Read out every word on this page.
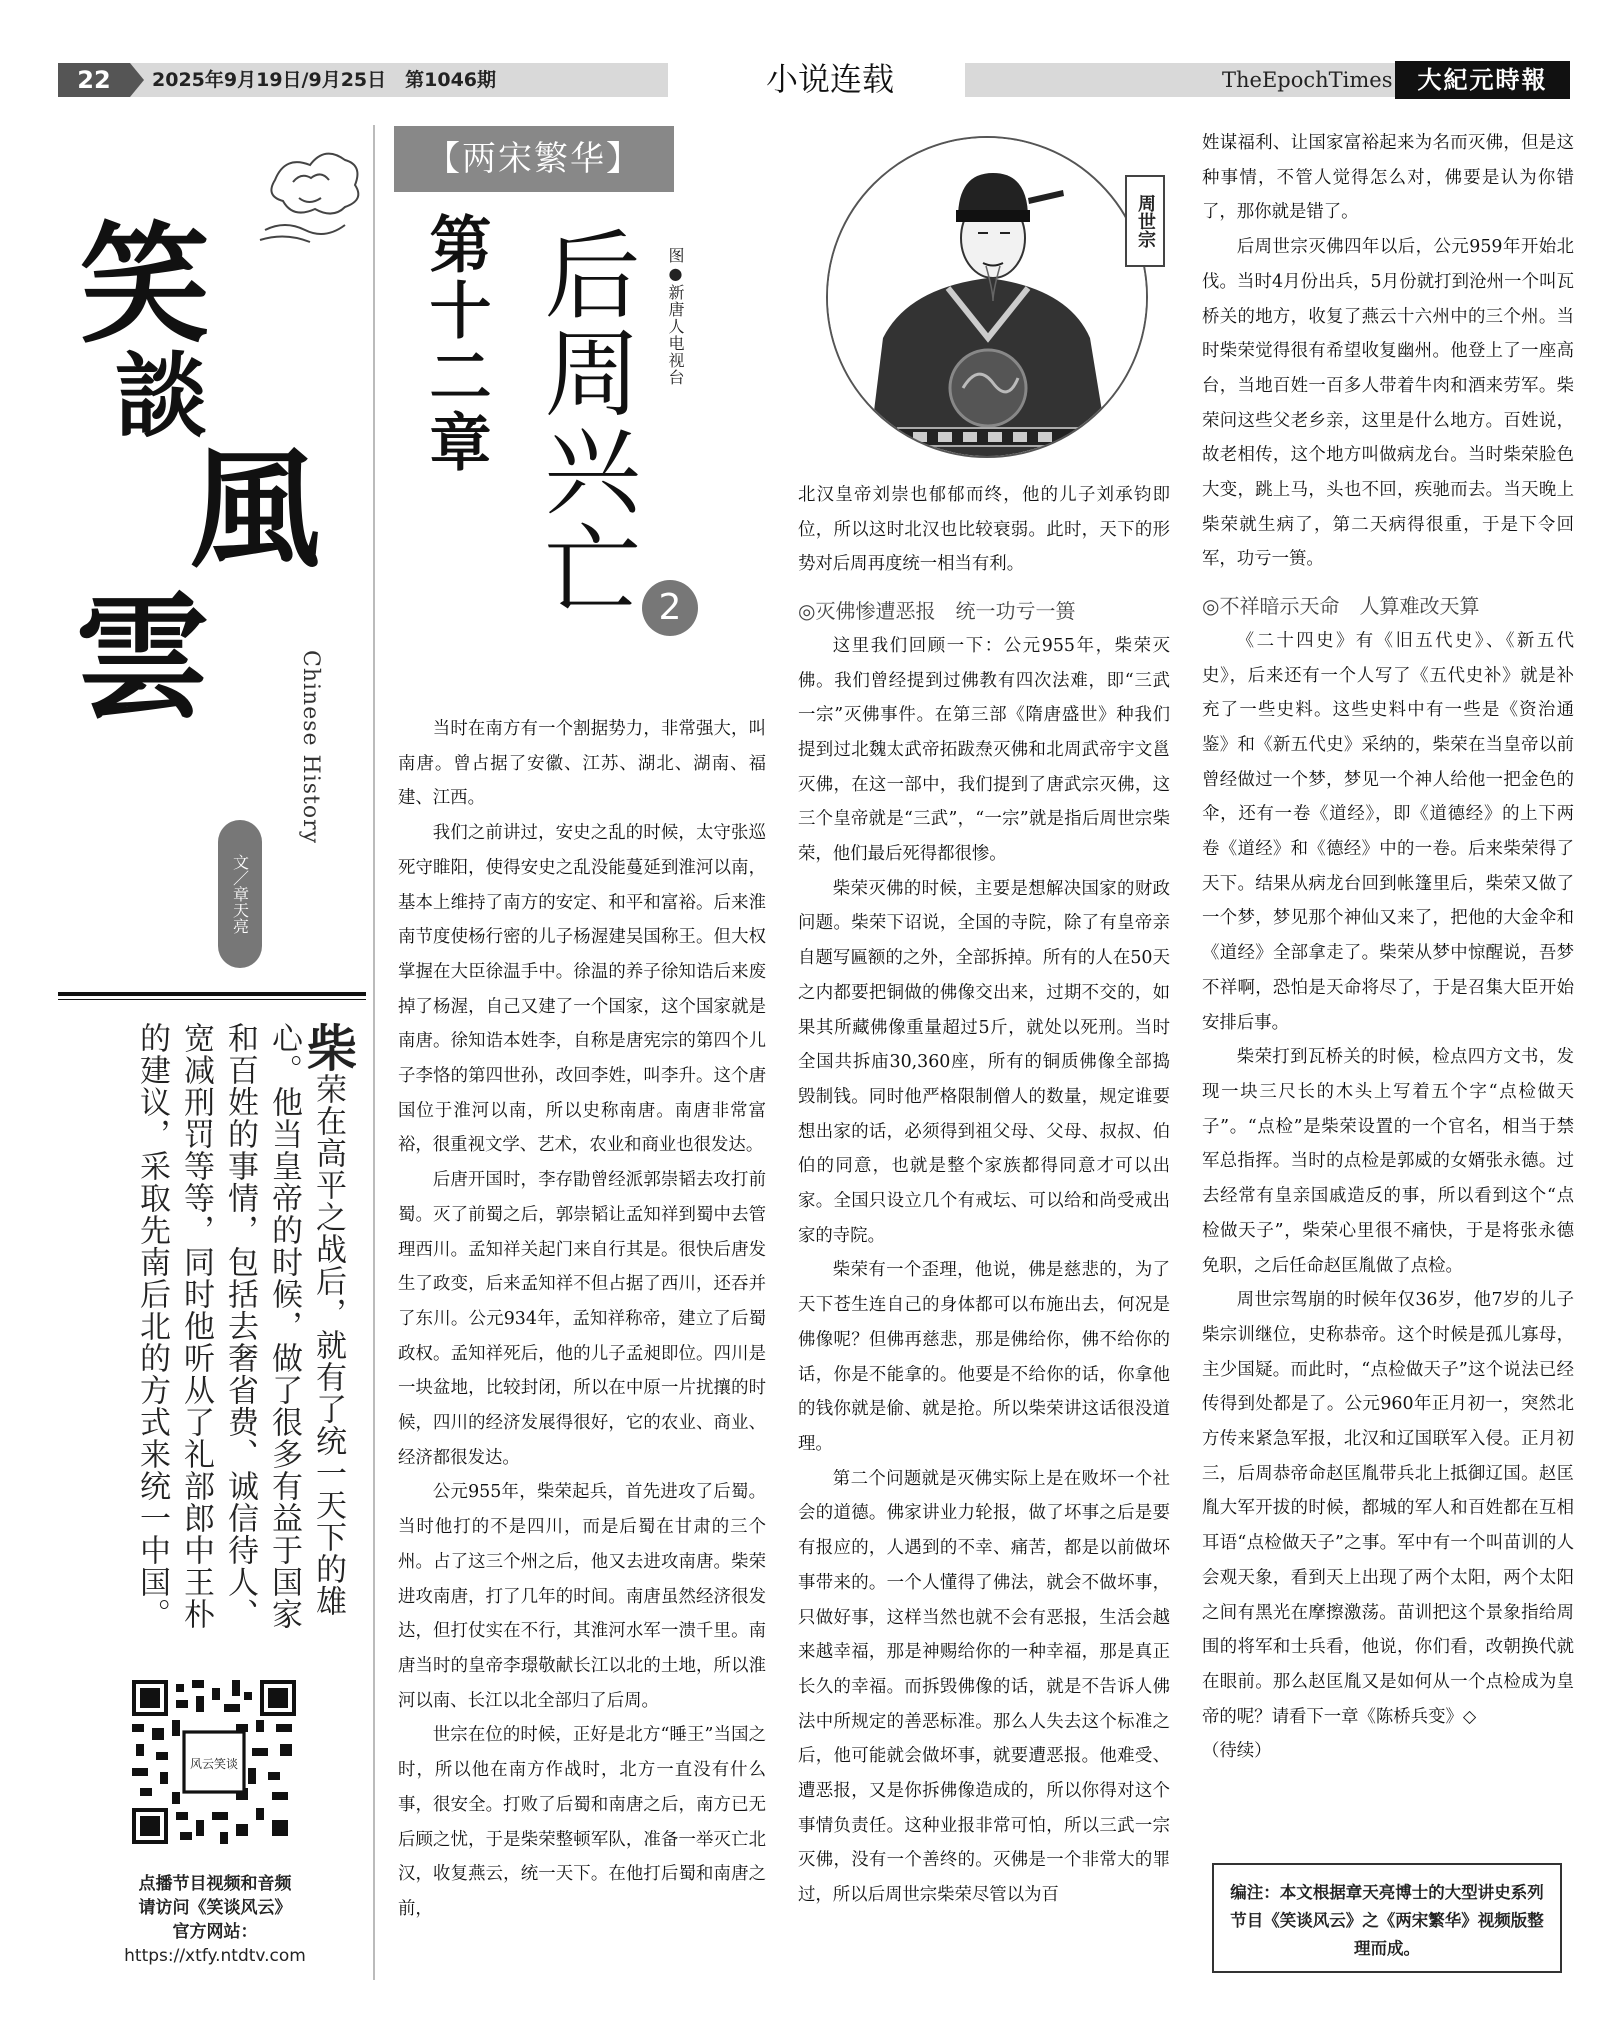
22	2025年9月19日/9月25日　第1046期	小说连载	TheEpochTimes	大紀元時報
笑
談
風
雲	Chinese History
文／章天亮
柴荣在高平之战后，就有了统一天下的雄心。他当皇帝的时候，做了很多有益于国家和百姓的事情，包括去奢省费、诚信待人、宽减刑罚等等，同时他听从了礼部郎中王朴的建议，采取先南后北的方式来统一中国。
风云笑谈
点播节目视频和音频
请访问《笑谈风云》
官方网站：
https://xtfy.ntdtv.com
【两宋繁华】
第十二章 后周兴亡 2
图●新唐人电视台
周世宗

当时在南方有一个割据势力，非常强大，叫南唐。曾占据了安徽、江苏、湖北、湖南、福建、江西。

我们之前讲过，安史之乱的时候，太守张巡死守睢阳，使得安史之乱没能蔓延到淮河以南，基本上维持了南方的安定、和平和富裕。后来淮南节度使杨行密的儿子杨渥建吴国称王。但大权掌握在大臣徐温手中。徐温的养子徐知诰后来废掉了杨渥，自己又建了一个国家，这个国家就是南唐。徐知诰本姓李，自称是唐宪宗的第四个儿子李恪的第四世孙，改回李姓，叫李升。这个唐国位于淮河以南，所以史称南唐。南唐非常富裕，很重视文学、艺术，农业和商业也很发达。

后唐开国时，李存勖曾经派郭崇韬去攻打前蜀。灭了前蜀之后，郭崇韬让孟知祥到蜀中去管理西川。孟知祥关起门来自行其是。很快后唐发生了政变，后来孟知祥不但占据了西川，还吞并了东川。公元934年，孟知祥称帝，建立了后蜀政权。孟知祥死后，他的儿子孟昶即位。四川是一块盆地，比较封闭，所以在中原一片扰攘的时候，四川的经济发展得很好，它的农业、商业、经济都很发达。

公元955年，柴荣起兵，首先进攻了后蜀。当时他打的不是四川，而是后蜀在甘肃的三个州。占了这三个州之后，他又去进攻南唐。柴荣进攻南唐，打了几年的时间。南唐虽然经济很发达，但打仗实在不行，其淮河水军一溃千里。南唐当时的皇帝李璟敬献长江以北的土地，所以淮河以南、长江以北全部归了后周。

世宗在位的时候，正好是北方“睡王”当国之时，所以他在南方作战时，北方一直没有什么事，很安全。打败了后蜀和南唐之后，南方已无后顾之忧，于是柴荣整顿军队，准备一举灭亡北汉，收复燕云，统一天下。在他打后蜀和南唐之前，

北汉皇帝刘崇也郁郁而终，他的儿子刘承钧即位，所以这时北汉也比较衰弱。此时，天下的形势对后周再度统一相当有利。

◎灭佛惨遭恶报　统一功亏一篑

这里我们回顾一下：公元955年，柴荣灭佛。我们曾经提到过佛教有四次法难，即“三武一宗”灭佛事件。在第三部《隋唐盛世》种我们提到过北魏太武帝拓跋焘灭佛和北周武帝宇文邕灭佛，在这一部中，我们提到了唐武宗灭佛，这三个皇帝就是“三武”，“一宗”就是指后周世宗柴荣，他们最后死得都很惨。

柴荣灭佛的时候，主要是想解决国家的财政问题。柴荣下诏说，全国的寺院，除了有皇帝亲自题写匾额的之外，全部拆掉。所有的人在50天之内都要把铜做的佛像交出来，过期不交的，如果其所藏佛像重量超过5斤，就处以死刑。当时全国共拆庙30,360座，所有的铜质佛像全部捣毁制钱。同时他严格限制僧人的数量，规定谁要想出家的话，必须得到祖父母、父母、叔叔、伯伯的同意，也就是整个家族都得同意才可以出家。全国只设立几个有戒坛、可以给和尚受戒出家的寺院。

柴荣有一个歪理，他说，佛是慈悲的，为了天下苍生连自己的身体都可以布施出去，何况是佛像呢？但佛再慈悲，那是佛给你，佛不给你的话，你是不能拿的。他要是不给你的话，你拿他的钱你就是偷、就是抢。所以柴荣讲这话很没道理。

第二个问题就是灭佛实际上是在败坏一个社会的道德。佛家讲业力轮报，做了坏事之后是要有报应的，人遇到的不幸、痛苦，都是以前做坏事带来的。一个人懂得了佛法，就会不做坏事，只做好事，这样当然也就不会有恶报，生活会越来越幸福，那是神赐给你的一种幸福，那是真正长久的幸福。而拆毁佛像的话，就是不告诉人佛法中所规定的善恶标准。那么人失去这个标准之后，他可能就会做坏事，就要遭恶报。他难受、遭恶报，又是你拆佛像造成的，所以你得对这个事情负责任。这种业报非常可怕，所以三武一宗灭佛，没有一个善终的。灭佛是一个非常大的罪过，所以后周世宗柴荣尽管以为百

姓谋福利、让国家富裕起来为名而灭佛，但是这种事情，不管人觉得怎么对，佛要是认为你错了，那你就是错了。

后周世宗灭佛四年以后，公元959年开始北伐。当时4月份出兵，5月份就打到沧州一个叫瓦桥关的地方，收复了燕云十六州中的三个州。当时柴荣觉得很有希望收复幽州。他登上了一座高台，当地百姓一百多人带着牛肉和酒来劳军。柴荣问这些父老乡亲，这里是什么地方。百姓说，故老相传，这个地方叫做病龙台。当时柴荣脸色大变，跳上马，头也不回，疾驰而去。当天晚上柴荣就生病了，第二天病得很重，于是下令回军，功亏一篑。

◎不祥暗示天命　人算难改天算

《二十四史》有《旧五代史》、《新五代史》，后来还有一个人写了《五代史补》就是补充了一些史料。这些史料中有一些是《资治通鉴》和《新五代史》采纳的，柴荣在当皇帝以前曾经做过一个梦，梦见一个神人给他一把金色的伞，还有一卷《道经》，即《道德经》的上下两卷《道经》和《德经》中的一卷。后来柴荣得了天下。结果从病龙台回到帐篷里后，柴荣又做了一个梦，梦见那个神仙又来了，把他的大金伞和《道经》全部拿走了。柴荣从梦中惊醒说，吾梦不祥啊，恐怕是天命将尽了，于是召集大臣开始安排后事。

柴荣打到瓦桥关的时候，检点四方文书，发现一块三尺长的木头上写着五个字“点检做天子”。“点检”是柴荣设置的一个官名，相当于禁军总指挥。当时的点检是郭威的女婿张永德。过去经常有皇亲国戚造反的事，所以看到这个“点检做天子”，柴荣心里很不痛快，于是将张永德免职，之后任命赵匡胤做了点检。

周世宗驾崩的时候年仅36岁，他7岁的儿子柴宗训继位，史称恭帝。这个时候是孤儿寡母，主少国疑。而此时，“点检做天子”这个说法已经传得到处都是了。公元960年正月初一，突然北方传来紧急军报，北汉和辽国联军入侵。正月初三，后周恭帝命赵匡胤带兵北上抵御辽国。赵匡胤大军开拔的时候，都城的军人和百姓都在互相耳语“点检做天子”之事。军中有一个叫苗训的人会观天象，看到天上出现了两个太阳，两个太阳之间有黑光在摩擦激荡。苗训把这个景象指给周围的将军和士兵看，他说，你们看，改朝换代就在眼前。那么赵匡胤又是如何从一个点检成为皇帝的呢？请看下一章《陈桥兵变》◇

（待续）

编注：本文根据章天亮博士的大型讲史系列节目《笑谈风云》之《两宋繁华》视频版整理而成。
